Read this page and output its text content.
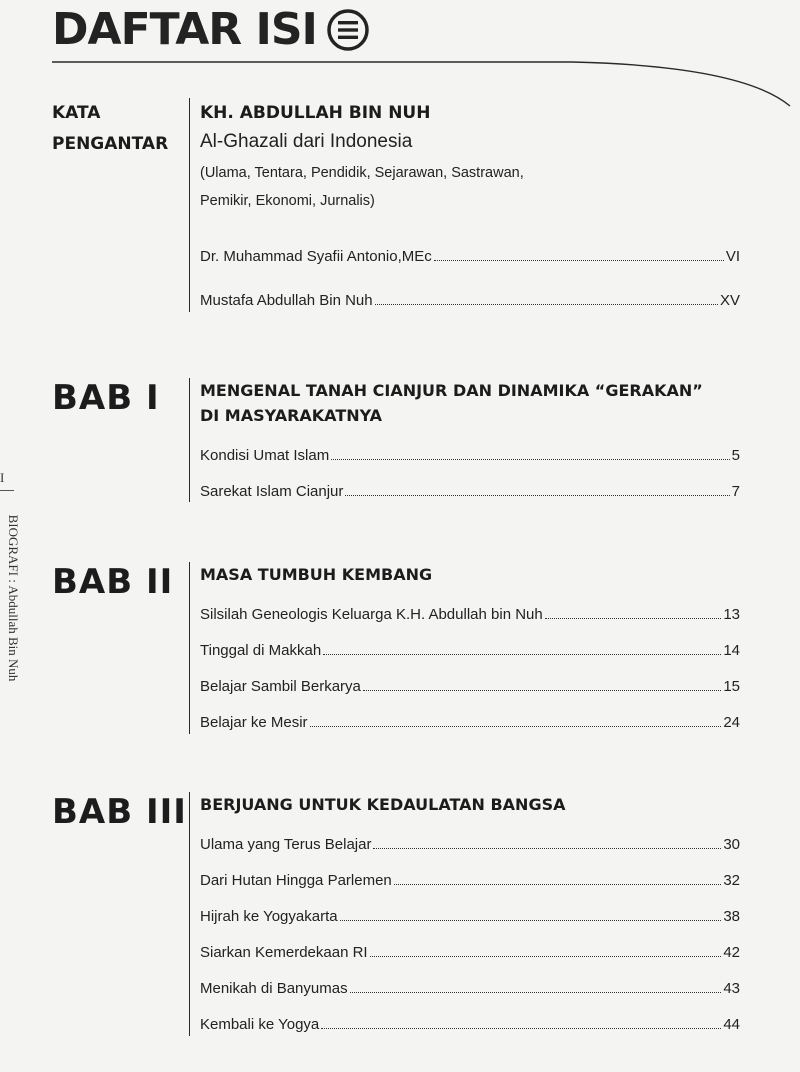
DAFTAR ISI
I
BIOGRAFI : Abdullah Bin Nuh
KATA
PENGANTAR
KH. ABDULLAH BIN NUH
Al-Ghazali dari Indonesia
(Ulama, Tentara, Pendidik, Sejarawan, Sastrawan,
Pemikir, Ekonomi, Jurnalis)
Dr. Muhammad Syafii Antonio,MEc	VI
Mustafa Abdullah Bin Nuh	XV
BAB I	MENGENAL TANAH CIANJUR DAN DINAMIKA “GERAKAN”
DI MASYARAKATNYA
Kondisi Umat Islam	5
Sarekat Islam Cianjur	7
BAB II	MASA TUMBUH KEMBANG
Silsilah Geneologis Keluarga K.H. Abdullah bin Nuh	13
Tinggal di Makkah	14
Belajar Sambil Berkarya	15
Belajar ke Mesir	24
BAB III BERJUANG UNTUK KEDAULATAN BANGSA
Ulama yang Terus Belajar	30
Dari Hutan Hingga Parlemen	32
Hijrah ke Yogyakarta	38
Siarkan Kemerdekaan RI	42
Menikah di Banyumas	43
Kembali ke Yogya	44
